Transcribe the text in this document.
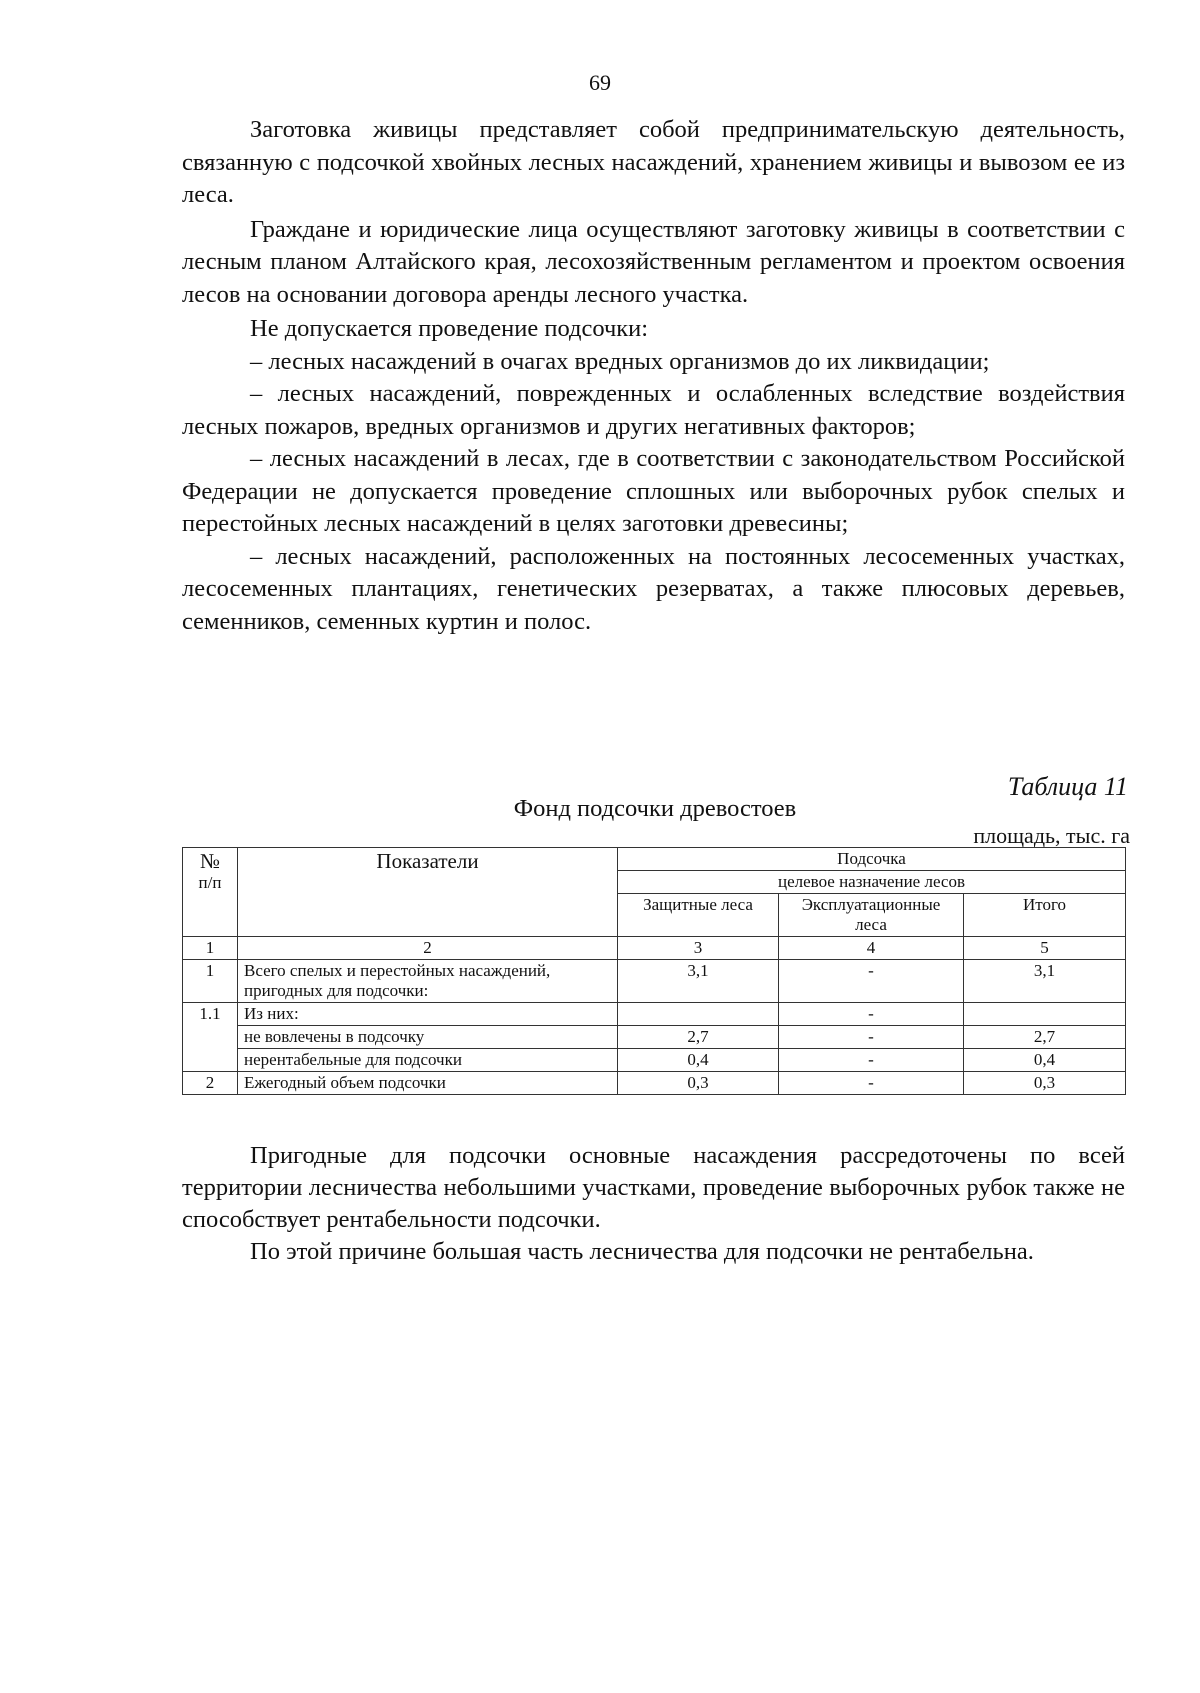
69

Заготовка живицы представляет собой предпринимательскую деятельность, связанную с подсочкой хвойных лесных насаждений, хранением живицы и вывозом ее из леса.

Граждане и юридические лица осуществляют заготовку живицы в соответствии с лесным планом Алтайского края, лесохозяйственным регламентом и проектом освоения лесов на основании договора аренды лесного участка.

Не допускается проведение подсочки:

– лесных насаждений в очагах вредных организмов до их ликвидации;

– лесных насаждений, поврежденных и ослабленных вследствие воздействия лесных пожаров, вредных организмов и других негативных факторов;

– лесных насаждений в лесах, где в соответствии с законодательством Российской Федерации не допускается проведение сплошных или выборочных рубок спелых и перестойных лесных насаждений в целях заготовки древесины;

– лесных насаждений, расположенных на постоянных лесосеменных участках, лесосеменных плантациях, генетических резерватах, а также плюсовых деревьев, семенников, семенных куртин и полос.

Таблица 11
Фонд подсочки древостоев
площадь, тыс. га
№
п/п	Показатели	Подсочка		
		целевое назначение лесов		
		Защитные леса	Эксплуатационные леса	Итого
1	2	3	4	5
1	Всего спелых и перестойных насаждений, пригодных для подсочки:	3,1	-	3,1
1.1	Из них:		-	
	не вовлечены в подсочку	2,7	-	2,7
	нерентабельные для подсочки	0,4	-	0,4
2	Ежегодный объем подсочки	0,3	-	0,3

Пригодные для подсочки основные насаждения рассредоточены по всей территории лесничества небольшими участками, проведение выборочных рубок также не способствует рентабельности подсочки.

По этой причине большая часть лесничества для подсочки не рентабельна.
